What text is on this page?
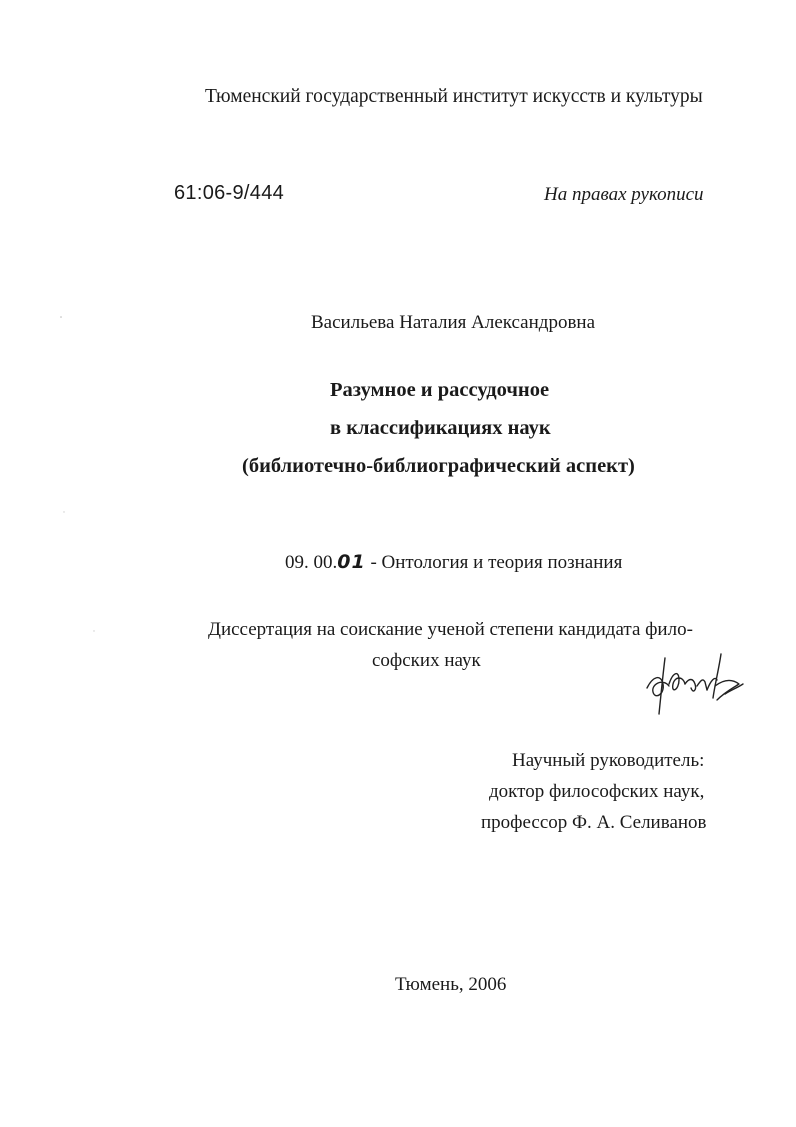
Тюменский государственный институт искусств и культуры
61:06-9/444	На правах рукописи
Васильева Наталия Александровна
Разумное и рассудочное
в классификациях наук
(библиотечно-библиографический аспект)
09. 00.01 - Онтология и теория познания
Диссертация на соискание ученой степени кандидата фило-
софских наук
Научный руководитель:
доктор философских наук,
профессор Ф. А. Селиванов
Тюмень, 2006
